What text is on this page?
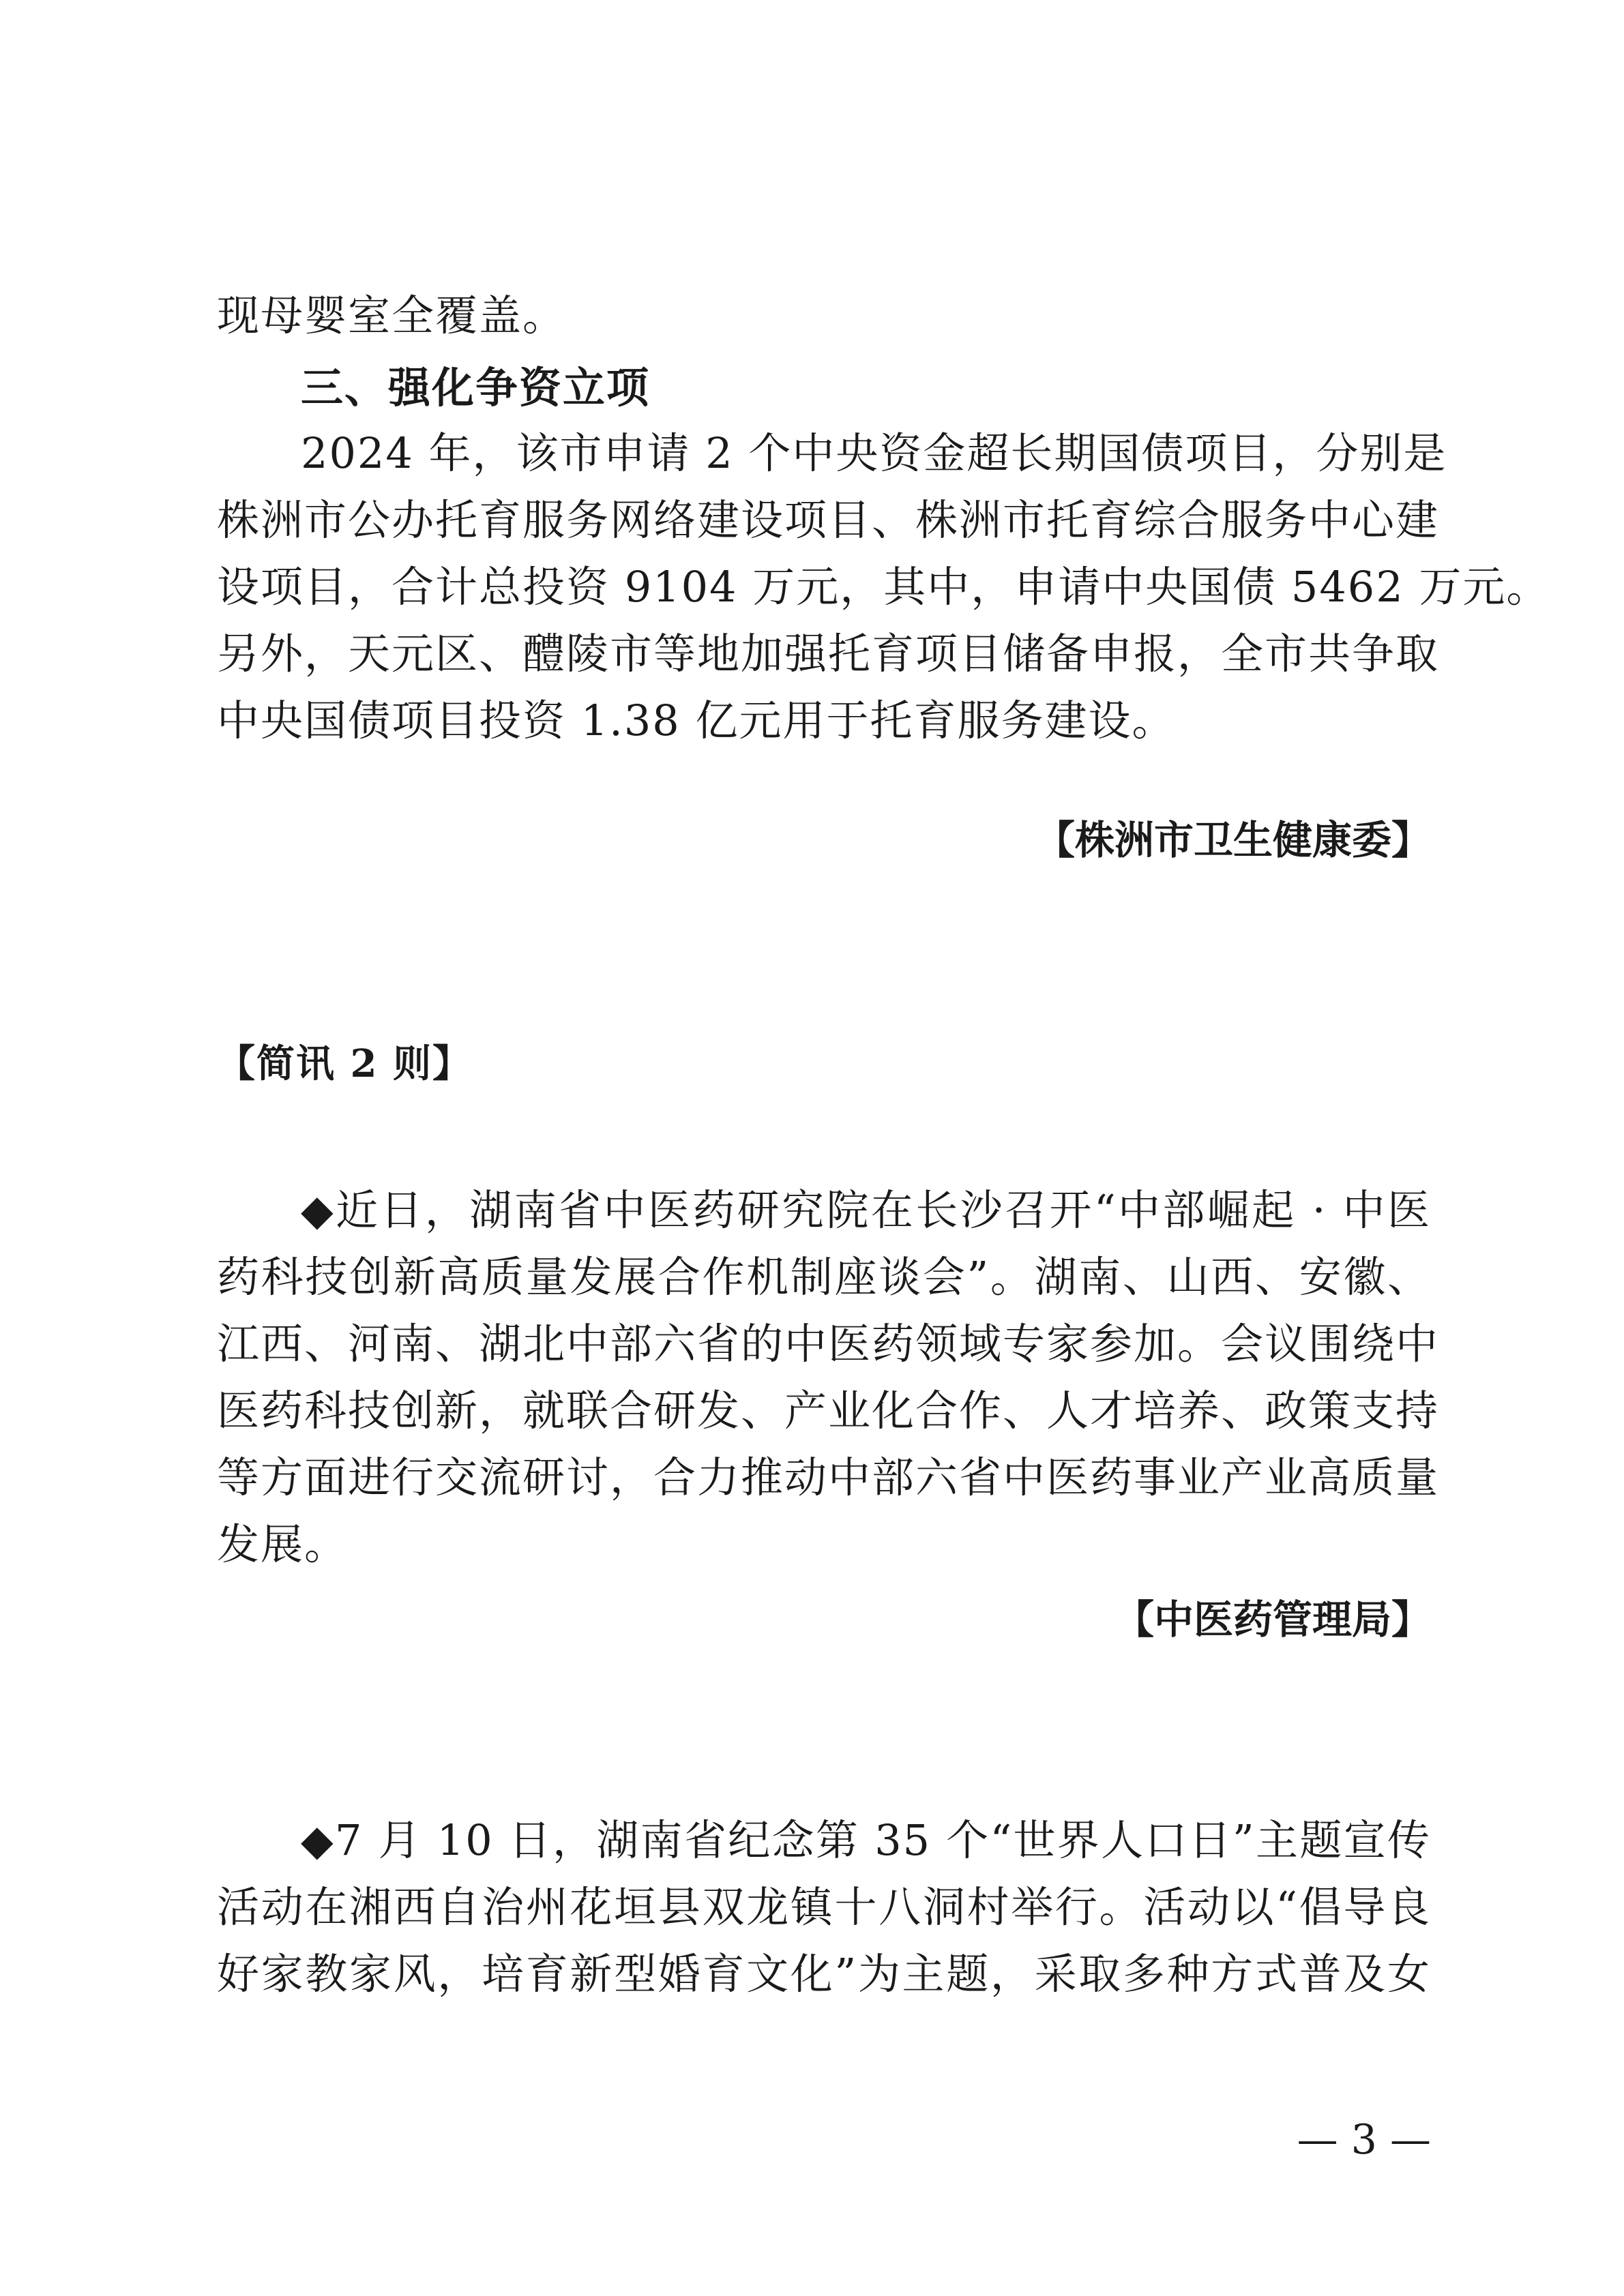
现母婴室全覆盖。
三、强化争资立项
2024 年，该市申请 2 个中央资金超长期国债项目，分别是
株洲市公办托育服务网络建设项目、株洲市托育综合服务中心建
设项目，合计总投资 9104 万元，其中，申请中央国债 5462 万元。
另外，天元区、醴陵市等地加强托育项目储备申报，全市共争取
中央国债项目投资 1.38 亿元用于托育服务建设。
【株洲市卫生健康委】
【简讯 2 则】
◆近日，湖南省中医药研究院在长沙召开“中部崛起 · 中医
药科技创新高质量发展合作机制座谈会”。湖南、山西、安徽、
江西、河南、湖北中部六省的中医药领域专家参加。会议围绕中
医药科技创新，就联合研发、产业化合作、人才培养、政策支持
等方面进行交流研讨，合力推动中部六省中医药事业产业高质量
发展。
【中医药管理局】
◆7 月 10 日，湖南省纪念第 35 个“世界人口日”主题宣传
活动在湘西自治州花垣县双龙镇十八洞村举行。活动以“倡导良
好家教家风，培育新型婚育文化”为主题，采取多种方式普及女
— 3 —
